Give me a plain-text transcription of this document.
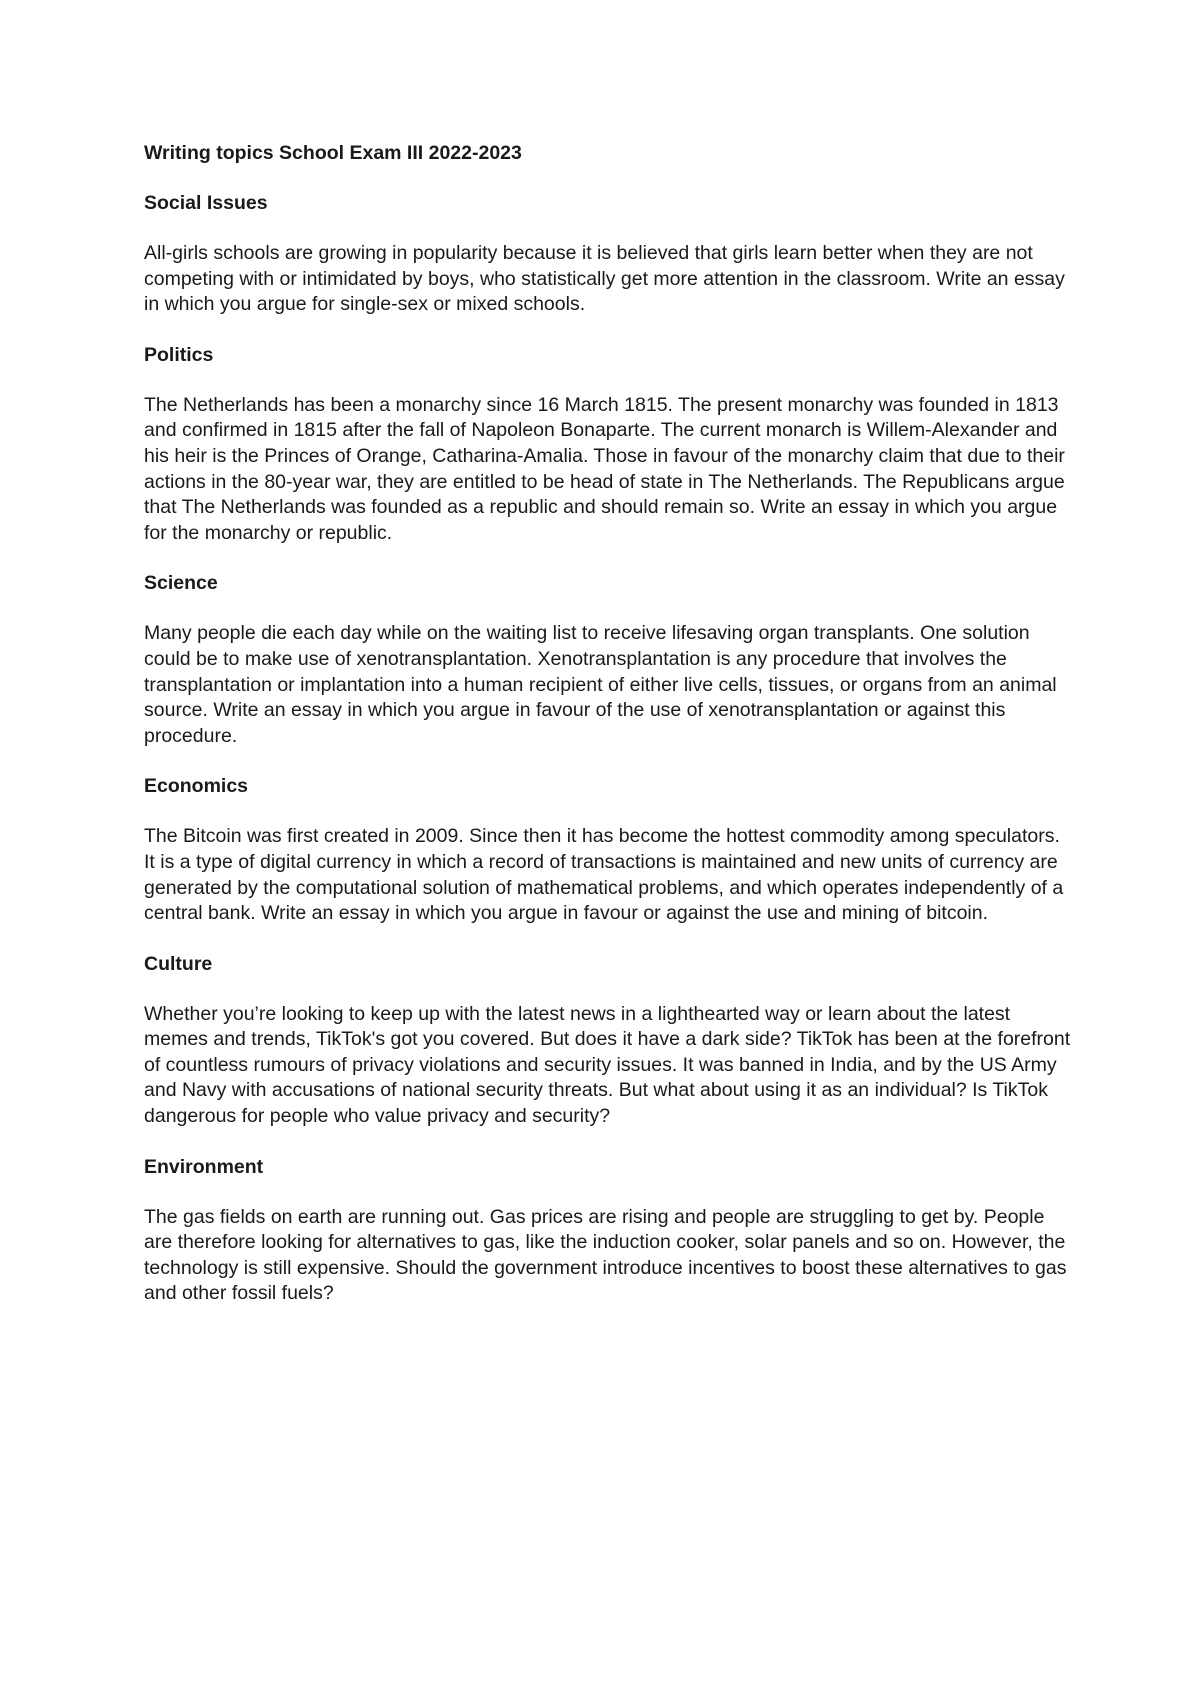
Writing topics School Exam III 2022-2023
Social Issues
All-girls schools are growing in popularity because it is believed that girls learn better when they are not competing with or intimidated by boys, who statistically get more attention in the classroom. Write an essay in which you argue for single-sex or mixed schools.
Politics
The Netherlands has been a monarchy since 16 March 1815. The present monarchy was founded in 1813 and confirmed in 1815 after the fall of Napoleon Bonaparte. The current monarch is Willem-Alexander and his heir is the Princes of Orange, Catharina-Amalia. Those in favour of the monarchy claim that due to their actions in the 80-year war, they are entitled to be head of state in The Netherlands. The Republicans argue that The Netherlands was founded as a republic and should remain so. Write an essay in which you argue for the monarchy or republic.
Science
Many people die each day while on the waiting list to receive lifesaving organ transplants. One solution could be to make use of xenotransplantation. Xenotransplantation is any procedure that involves the transplantation or implantation into a human recipient of either live cells, tissues, or organs from an animal source. Write an essay in which you argue in favour of the use of xenotransplantation or against this procedure.
Economics
The Bitcoin was first created in 2009. Since then it has become the hottest commodity among speculators. It is a type of digital currency in which a record of transactions is maintained and new units of currency are generated by the computational solution of mathematical problems, and which operates independently of a central bank. Write an essay in which you argue in favour or against the use and mining of bitcoin.
Culture
Whether you’re looking to keep up with the latest news in a lighthearted way or learn about the latest memes and trends, TikTok's got you covered. But does it have a dark side? TikTok has been at the forefront of countless rumours of privacy violations and security issues. It was banned in India, and by the US Army and Navy with accusations of national security threats. But what about using it as an individual? Is TikTok dangerous for people who value privacy and security?
Environment
The gas fields on earth are running out. Gas prices are rising and people are struggling to get by. People are therefore looking for alternatives to gas, like the induction cooker, solar panels and so on. However, the technology is still expensive. Should the government introduce incentives to boost these alternatives to gas and other fossil fuels?
